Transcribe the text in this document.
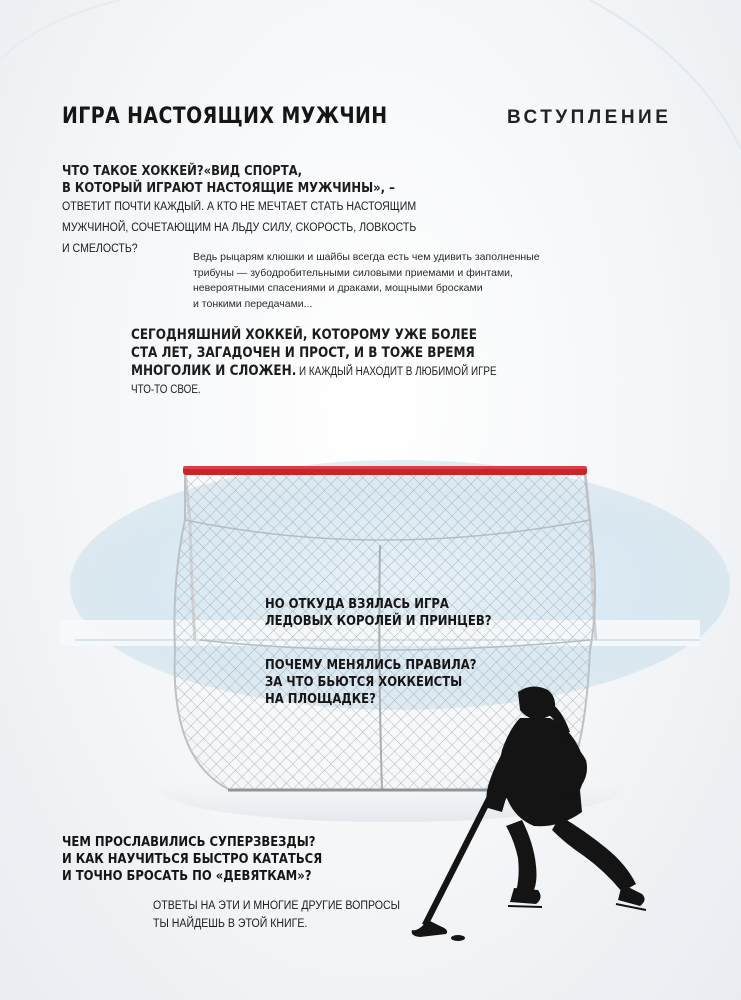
ИГРА НАСТОЯЩИХ МУЖЧИН	ВСТУПЛЕНИЕ
ЧТО ТАКОЕ ХОККЕЙ?«ВИД СПОРТА,
В КОТОРЫЙ ИГРАЮТ НАСТОЯЩИЕ МУЖЧИНЫ», –
ОТВЕТИТ ПОЧТИ КАЖДЫЙ. А КТО НЕ МЕЧТАЕТ СТАТЬ НАСТОЯЩИМ
МУЖЧИНОЙ, СОЧЕТАЮЩИМ НА ЛЬДУ СИЛУ, СКОРОСТЬ, ЛОВКОСТЬ
И СМЕЛОСТЬ?
Ведь рыцарям клюшки и шайбы всегда есть чем удивить заполненные
трибуны — зубодробительными силовыми приемами и финтами,
невероятными спасениями и драками, мощными бросками
и тонкими передачами...
СЕГОДНЯШНИЙ ХОККЕЙ, КОТОРОМУ УЖЕ БОЛЕЕ
СТА ЛЕТ, ЗАГАДОЧЕН И ПРОСТ, И В ТОЖЕ ВРЕМЯ
МНОГОЛИК И СЛОЖЕН. И КАЖДЫЙ НАХОДИТ В ЛЮБИМОЙ ИГРЕ
ЧТО-ТО СВОЕ.
НО ОТКУДА ВЗЯЛАСЬ ИГРА
ЛЕДОВЫХ КОРОЛЕЙ И ПРИНЦЕВ?
ПОЧЕМУ МЕНЯЛИСЬ ПРАВИЛА?
ЗА ЧТО БЬЮТСЯ ХОККЕИСТЫ
НА ПЛОЩАДКЕ?
ЧЕМ ПРОСЛАВИЛИСЬ СУПЕРЗВЕЗДЫ?
И КАК НАУЧИТЬСЯ БЫСТРО КАТАТЬСЯ
И ТОЧНО БРОСАТЬ ПО «ДЕВЯТКАМ»?
ОТВЕТЫ НА ЭТИ И МНОГИЕ ДРУГИЕ ВОПРОСЫ
ТЫ НАЙДЕШЬ В ЭТОЙ КНИГЕ.
